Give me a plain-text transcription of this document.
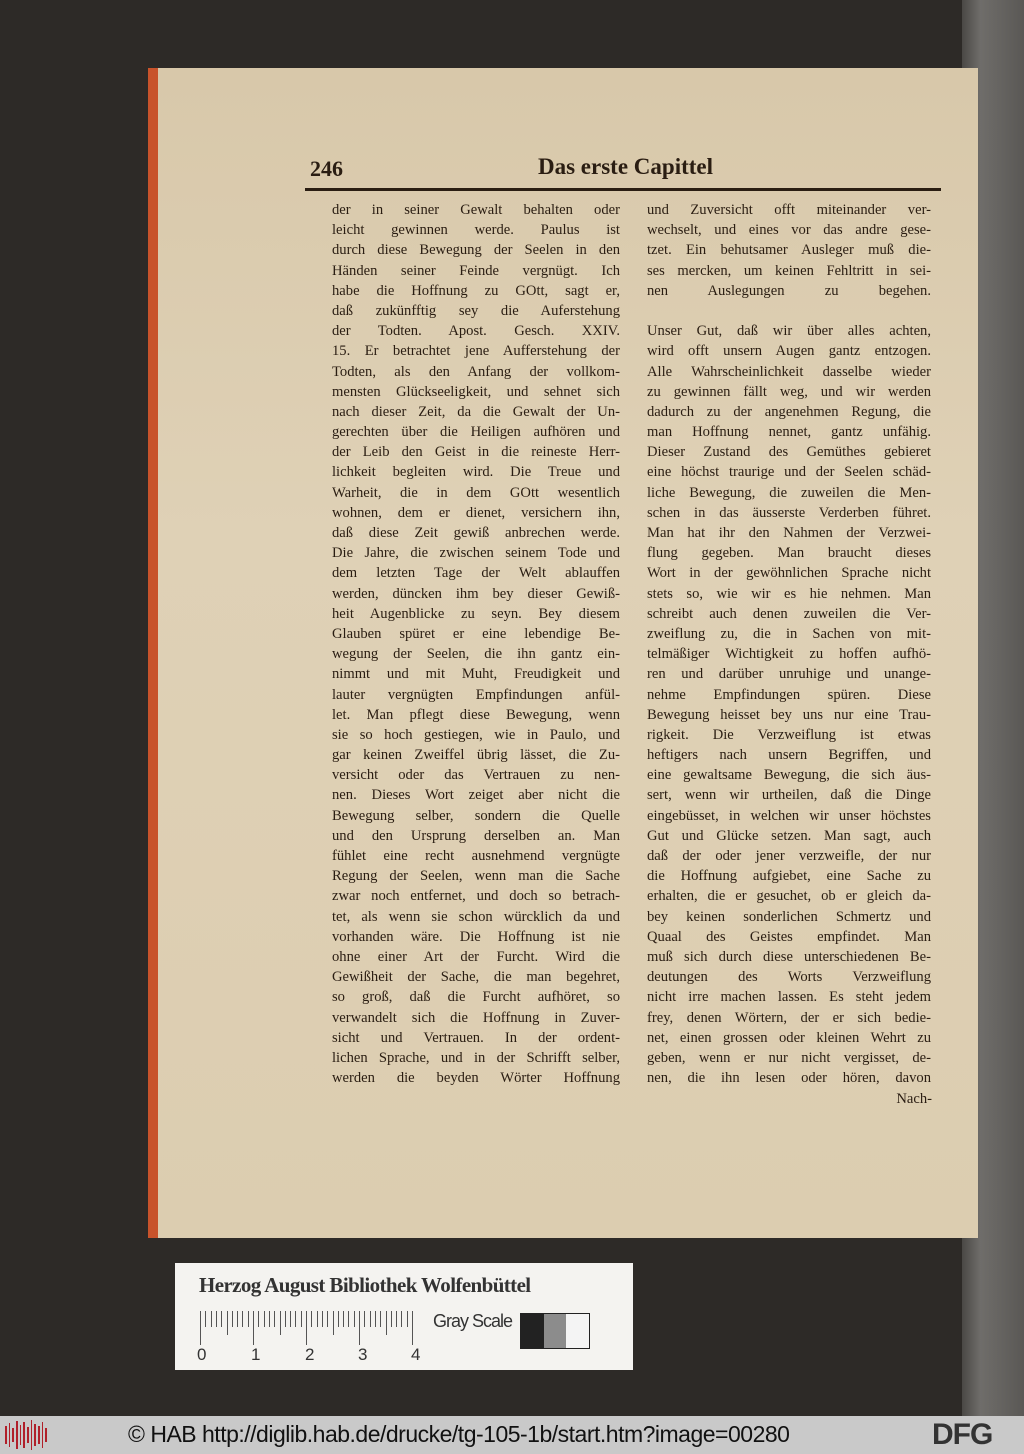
246	Das erste Capittel
der in seiner Gewalt behalten oder
leicht gewinnen werde. Paulus ist
durch diese Bewegung der Seelen in den
Händen seiner Feinde vergnügt. Ich
habe die Hoffnung zu GOtt, sagt er,
daß zukünfftig sey die Auferstehung
der Todten. Apost. Gesch. XXIV.
15. Er betrachtet jene Aufferstehung der
Todten, als den Anfang der vollkom-
mensten Glückseeligkeit, und sehnet sich
nach dieser Zeit, da die Gewalt der Un-
gerechten über die Heiligen aufhören und
der Leib den Geist in die reineste Herr-
lichkeit begleiten wird. Die Treue und
Warheit, die in dem GOtt wesentlich
wohnen, dem er dienet, versichern ihn,
daß diese Zeit gewiß anbrechen werde.
Die Jahre, die zwischen seinem Tode und
dem letzten Tage der Welt ablauffen
werden, düncken ihm bey dieser Gewiß-
heit Augenblicke zu seyn. Bey diesem
Glauben spüret er eine lebendige Be-
wegung der Seelen, die ihn gantz ein-
nimmt und mit Muht, Freudigkeit und
lauter vergnügten Empfindungen anfül-
let. Man pflegt diese Bewegung, wenn
sie so hoch gestiegen, wie in Paulo, und
gar keinen Zweiffel übrig lässet, die Zu-
versicht oder das Vertrauen zu nen-
nen. Dieses Wort zeiget aber nicht die
Bewegung selber, sondern die Quelle
und den Ursprung derselben an. Man
fühlet eine recht ausnehmend vergnügte
Regung der Seelen, wenn man die Sache
zwar noch entfernet, und doch so betrach-
tet, als wenn sie schon würcklich da und
vorhanden wäre. Die Hoffnung ist nie
ohne einer Art der Furcht. Wird die
Gewißheit der Sache, die man begehret,
so groß, daß die Furcht aufhöret, so
verwandelt sich die Hoffnung in Zuver-
sicht und Vertrauen. In der ordent-
lichen Sprache, und in der Schrifft selber,
werden die beyden Wörter Hoffnung
und Zuversicht offt miteinander ver-
wechselt, und eines vor das andre gese-
tzet. Ein behutsamer Ausleger muß die-
ses mercken, um keinen Fehltritt in sei-
nen Auslegungen zu begehen.
Unser Gut, daß wir über alles achten,
wird offt unsern Augen gantz entzogen.
Alle Wahrscheinlichkeit dasselbe wieder
zu gewinnen fällt weg, und wir werden
dadurch zu der angenehmen Regung, die
man Hoffnung nennet, gantz unfähig.
Dieser Zustand des Gemüthes gebieret
eine höchst traurige und der Seelen schäd-
liche Bewegung, die zuweilen die Men-
schen in das äusserste Verderben führet.
Man hat ihr den Nahmen der Verzwei-
flung gegeben. Man braucht dieses
Wort in der gewöhnlichen Sprache nicht
stets so, wie wir es hie nehmen. Man
schreibt auch denen zuweilen die Ver-
zweiflung zu, die in Sachen von mit-
telmäßiger Wichtigkeit zu hoffen aufhö-
ren und darüber unruhige und unange-
nehme Empfindungen spüren. Diese
Bewegung heisset bey uns nur eine Trau-
rigkeit. Die Verzweiflung ist etwas
heftigers nach unsern Begriffen, und
eine gewaltsame Bewegung, die sich äus-
sert, wenn wir urtheilen, daß die Dinge
eingebüsset, in welchen wir unser höchstes
Gut und Glücke setzen. Man sagt, auch
daß der oder jener verzweifle, der nur
die Hoffnung aufgiebet, eine Sache zu
erhalten, die er gesuchet, ob er gleich da-
bey keinen sonderlichen Schmertz und
Quaal des Geistes empfindet. Man
muß sich durch diese unterschiedenen Be-
deutungen des Worts Verzweiflung
nicht irre machen lassen. Es steht jedem
frey, denen Wörtern, der er sich bedie-
net, einen grossen oder kleinen Wehrt zu
geben, wenn er nur nicht vergisset, de-
nen, die ihn lesen oder hören, davon
Nach-
Herzog August Bibliothek Wolfenbüttel
0	1	2	3	4
Gray Scale
© HAB http://diglib.hab.de/drucke/tg-105-1b/start.htm?image=00280	DFG
